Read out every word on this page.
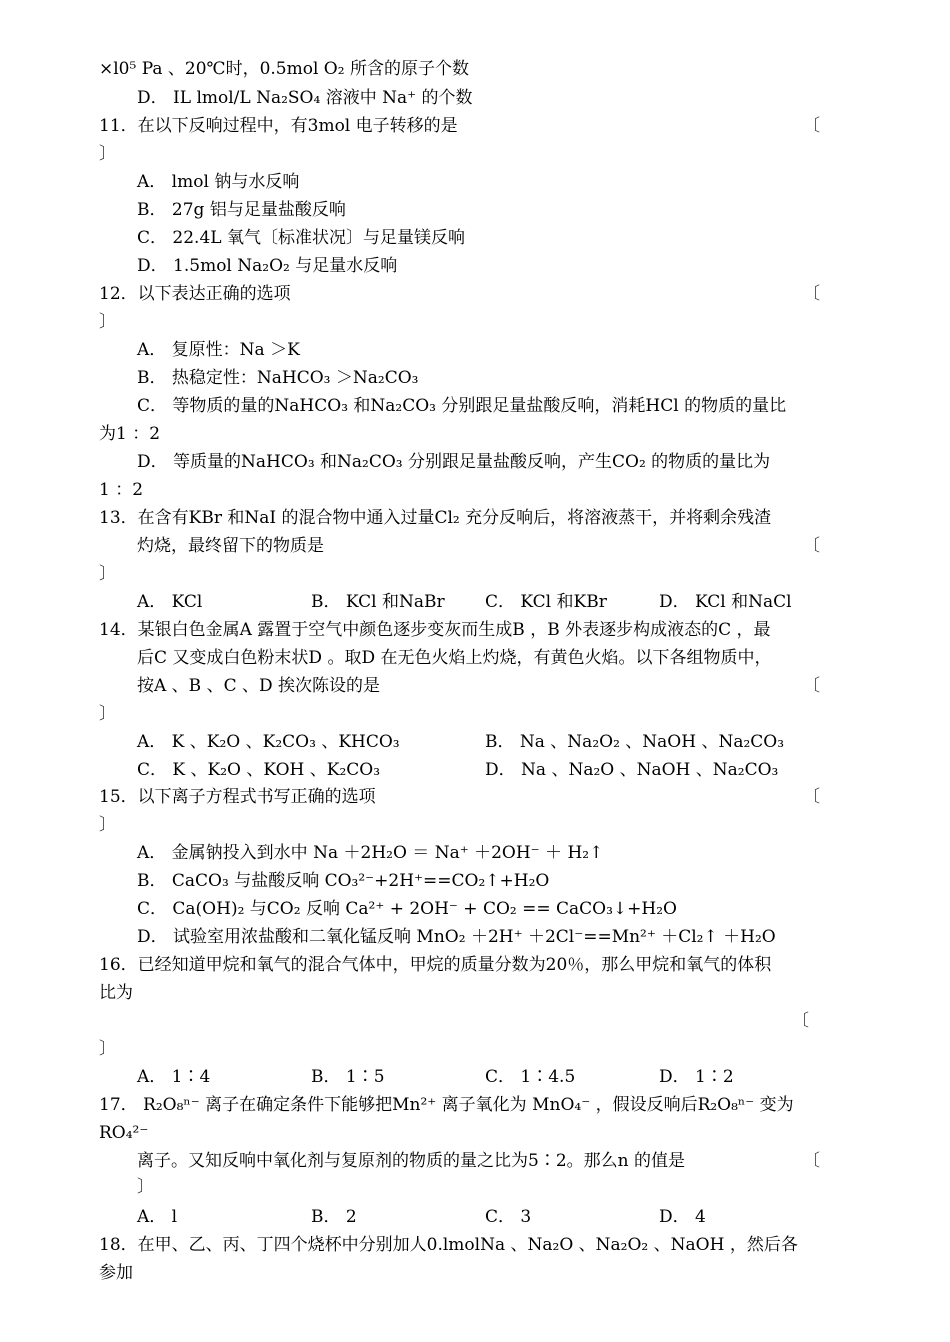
×l0⁵ Pa 、20℃时，0.5mol O₂ 所含的原子个数
D． IL lmol/L Na₂SO₄ 溶液中 Na⁺ 的个数
11．在以下反响过程中，有3mol 电子转移的是	〔
〕
A． lmol 钠与水反响
B． 27g 铝与足量盐酸反响
C． 22.4L 氧气〔标准状况〕与足量镁反响
D． 1.5mol Na₂O₂ 与足量水反响
12．以下表达正确的选项	〔
〕
A． 复原性：Na ＞K
B． 热稳定性：NaHCO₃ ＞Na₂CO₃
C． 等物质的量的NaHCO₃ 和Na₂CO₃ 分别跟足量盐酸反响，消耗HCl 的物质的量比
为1 ：2
D． 等质量的NaHCO₃ 和Na₂CO₃ 分别跟足量盐酸反响，产生CO₂ 的物质的量比为
1 ：2
13．在含有KBr 和NaI 的混合物中通入过量Cl₂ 充分反响后，将溶液蒸干，并将剩余残渣
灼烧，最终留下的物质是	〔
〕
A． KCl	B． KCl 和NaBr C． KCl 和KBr	D． KCl 和NaCl
14．某银白色金属A 露置于空气中颜色逐步变灰而生成B ，B 外表逐步构成液态的C ，最
后C 又变成白色粉末状D 。取D 在无色火焰上灼烧，有黄色火焰。以下各组物质中，
按A 、B 、C 、D 挨次陈设的是	〔
〕
A． K 、K₂O 、K₂CO₃ 、KHCO₃	B． Na 、Na₂O₂ 、NaOH 、Na₂CO₃
C． K 、K₂O 、KOH 、K₂CO₃	D． Na 、Na₂O 、NaOH 、Na₂CO₃
15．以下离子方程式书写正确的选项	〔
〕
A． 金属钠投入到水中 Na ＋2H₂O ＝ Na⁺ ＋2OH⁻ ＋ H₂↑
B． CaCO₃ 与盐酸反响 CO₃²⁻+2H⁺==CO₂↑+H₂O
C． Ca(OH)₂ 与CO₂ 反响 Ca²⁺ + 2OH⁻ + CO₂ == CaCO₃↓+H₂O
D． 试验室用浓盐酸和二氧化锰反响 MnO₂ ＋2H⁺ ＋2Cl⁻==Mn²⁺ ＋Cl₂↑ ＋H₂O
16．已经知道甲烷和氧气的混合气体中，甲烷的质量分数为20％，那么甲烷和氧气的体积
比为
〔
〕
A． 1∶4	B． 1∶5	C． 1∶4.5	D． 1∶2
17． R₂O₈ⁿ⁻ 离子在确定条件下能够把Mn²⁺ 离子氧化为 MnO₄⁻ ，假设反响后R₂O₈ⁿ⁻ 变为
RO₄²⁻
离子。又知反响中氧化剂与复原剂的物质的量之比为5∶2。那么n 的值是	〔
〕
A． l	B． 2	C． 3	D． 4
18．在甲、乙、丙、丁四个烧杯中分别加人0.lmolNa 、Na₂O 、Na₂O₂ 、NaOH ，然后各
参加
